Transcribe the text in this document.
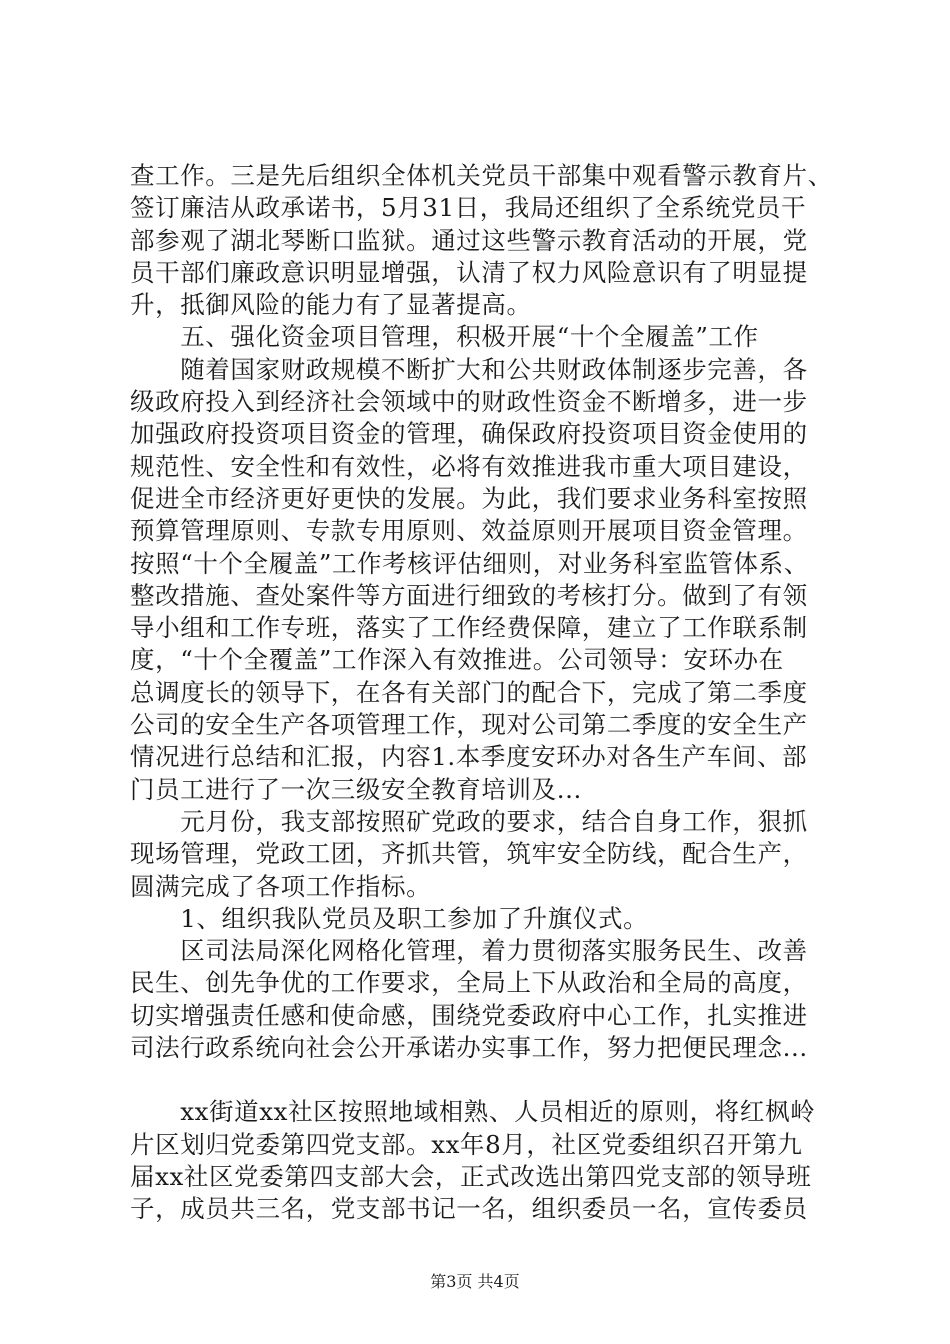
查工作。三是先后组织全体机关党员干部集中观看警示教育片、
签订廉洁从政承诺书，5月31日，我局还组织了全系统党员干
部参观了湖北琴断口监狱。通过这些警示教育活动的开展，党
员干部们廉政意识明显增强，认清了权力风险意识有了明显提
升，抵御风险的能力有了显著提高。
　　五、强化资金项目管理，积极开展“十个全履盖”工作
　　随着国家财政规模不断扩大和公共财政体制逐步完善，各
级政府投入到经济社会领域中的财政性资金不断增多，进一步
加强政府投资项目资金的管理，确保政府投资项目资金使用的
规范性、安全性和有效性，必将有效推进我市重大项目建设，
促进全市经济更好更快的发展。为此，我们要求业务科室按照
预算管理原则、专款专用原则、效益原则开展项目资金管理。
按照“十个全履盖”工作考核评估细则，对业务科室监管体系、
整改措施、查处案件等方面进行细致的考核打分。做到了有领
导小组和工作专班，落实了工作经费保障，建立了工作联系制
度，“十个全覆盖”工作深入有效推进。公司领导：安环办在
总调度长的领导下，在各有关部门的配合下，完成了第二季度
公司的安全生产各项管理工作，现对公司第二季度的安全生产
情况进行总结和汇报，内容1.本季度安环办对各生产车间、部
门员工进行了一次三级安全教育培训及...
　　元月份，我支部按照矿党政的要求，结合自身工作，狠抓
现场管理，党政工团，齐抓共管，筑牢安全防线，配合生产，
圆满完成了各项工作指标。
　　1、组织我队党员及职工参加了升旗仪式。
　　区司法局深化网格化管理，着力贯彻落实服务民生、改善
民生、创先争优的工作要求，全局上下从政治和全局的高度，
切实增强责任感和使命感，围绕党委政府中心工作，扎实推进
司法行政系统向社会公开承诺办实事工作，努力把便民理念...
　　xx街道xx社区按照地域相熟、人员相近的原则，将红枫岭
片区划归党委第四党支部。xx年8月，社区党委组织召开第九
届xx社区党委第四支部大会，正式改选出第四党支部的领导班
子，成员共三名，党支部书记一名，组织委员一名，宣传委员
第3页 共4页
